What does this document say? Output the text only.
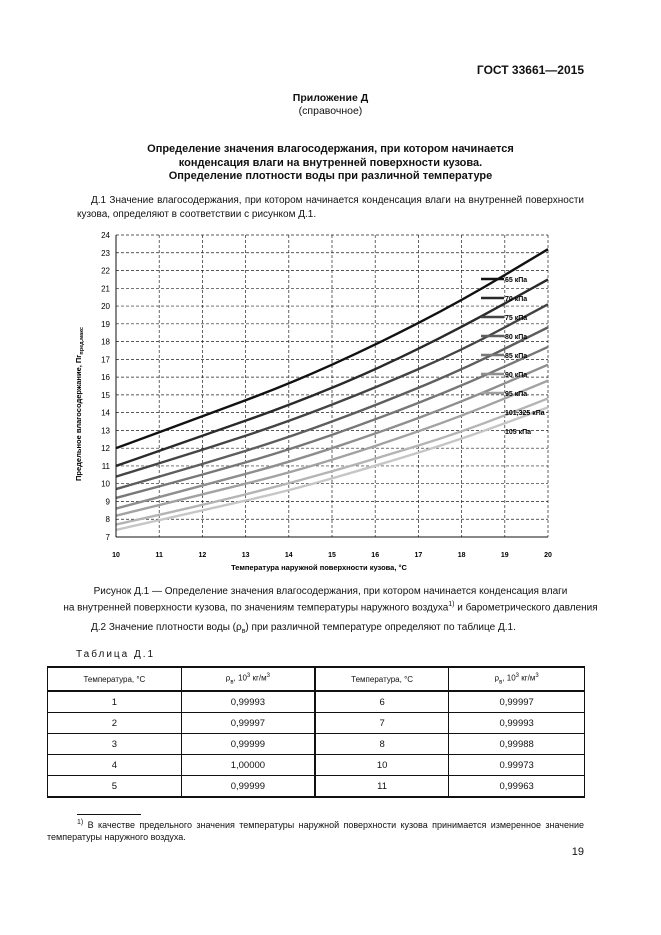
ГОСТ 33661—2015
Приложение Д
(справочное)
Определение значения влагосодержания, при котором начинается
конденсация влаги на внутренней поверхности кузова.
Определение плотности воды при различной температуре
Д.1 Значение влагосодержания, при котором начинается конденсация влаги на внутренней поверхности кузова, определяют в соответствии с рисунком Д.1.
65 кПа
70 кПа
75 кПа
80 кПа
85 кПа
90 кПа
95 кПа
101,325 кПа
105 кПа
10	11	12	13	14	15	16	17	18	19	20
7
8
9
10
11
12
13
14
15
16
17
18
19
20
21
22
23
24
Температура наружной поверхности кузова, °С
Предельное влагосодержание, $Пг_{пред.макс}$
Рисунок Д.1 — Определение значения влагосодержания, при котором начинается конденсация влаги
на внутренней поверхности кузова, по значениям температуры наружного воздуха$^{1)}$ и барометрического давления
Д.2 Значение плотности воды $(\rho_в)$ при различной температуре определяют по таблице Д.1.
Таблица Д.1
Температура, °С	$\rho_в$, $10^3$ $кг/м^3$	Температура, °С	$\rho_в$, $10^3$ $кг/м^3$
1	0,99993	6	0,99997
2	0,99997	7	0,99993
3	0,99999	8	0,99988
4	1,00000	10	0.99973
5	0,99999	11	0,99963
$^{1)}$ В качестве предельного значения температуры наружной поверхности кузова принимается измеренное значение температуры наружного воздуха.
19
